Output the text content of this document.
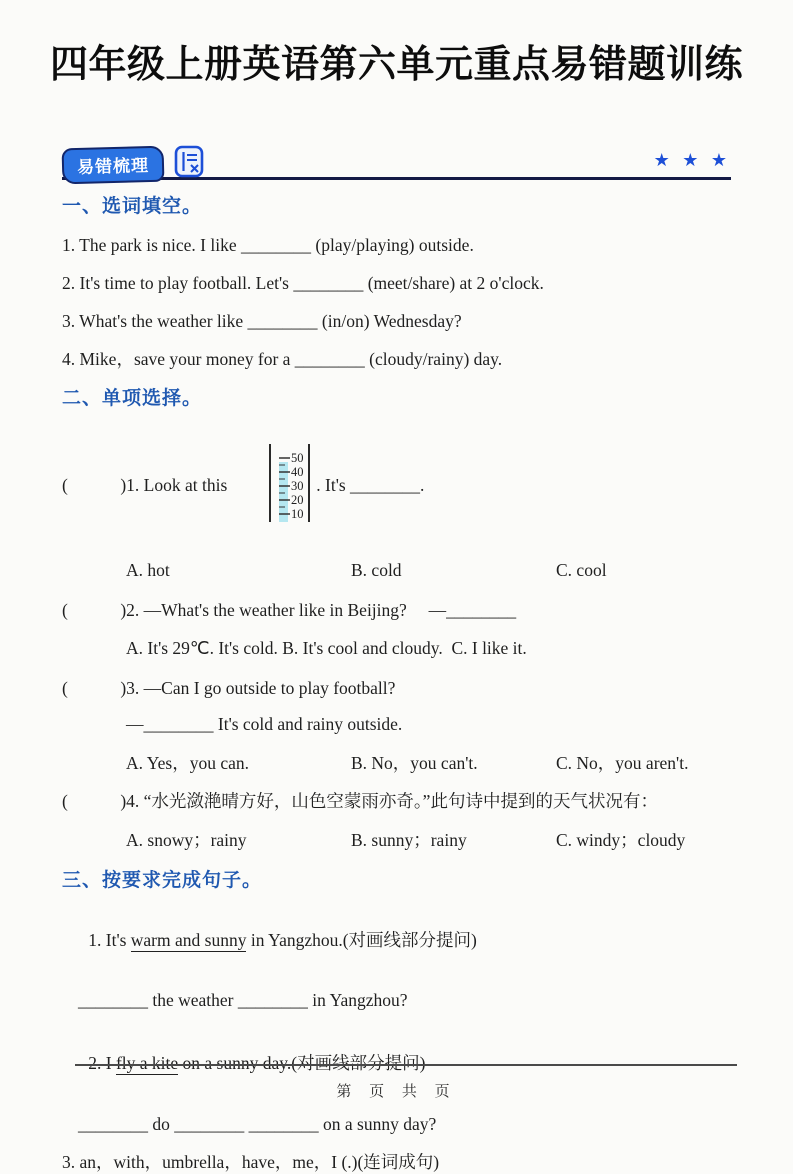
四年级上册英语第六单元重点易错题训练
易错梳理	★ ★ ★
一、选词填空。
1. The park is nice. I like ________ (play/playing) outside.
2. It's time to play football. Let's ________ (meet/share) at 2 o'clock.
3. What's the weather like ________ (in/on) Wednesday?
4. Mike，save your money for a ________ (cloudy/rainy) day.
二、单项选择。
(　　　)1. Look at this

50
40
30
20
10

. It's ________.
A. hot	B. cold	C. cool
(　　　)2. —What's the weather like in Beijing?　 —________
A. It's 29℃. It's cold. B. It's cool and cloudy.  C. I like it.
(　　　)3. —Can I go outside to play football?
—________ It's cold and rainy outside.
A. Yes，you can.	B. No，you can't.	C. No，you aren't.
(　　　)4. “水光潋滟晴方好，山色空蒙雨亦奇。”此句诗中提到的天气状况有：
A. snowy；rainy	B. sunny；rainy	C. windy；cloudy
三、按要求完成句子。

1. It's warm and sunny in Yangzhou.(对画线部分提问)

________ the weather ________ in Yangzhou?

2. I fly a kite on a sunny day.(对画线部分提问)

________ do ________ ________ on a sunny day?
3. an，with，umbrella，have，me，I (.)(连词成句)
第 页 共 页
